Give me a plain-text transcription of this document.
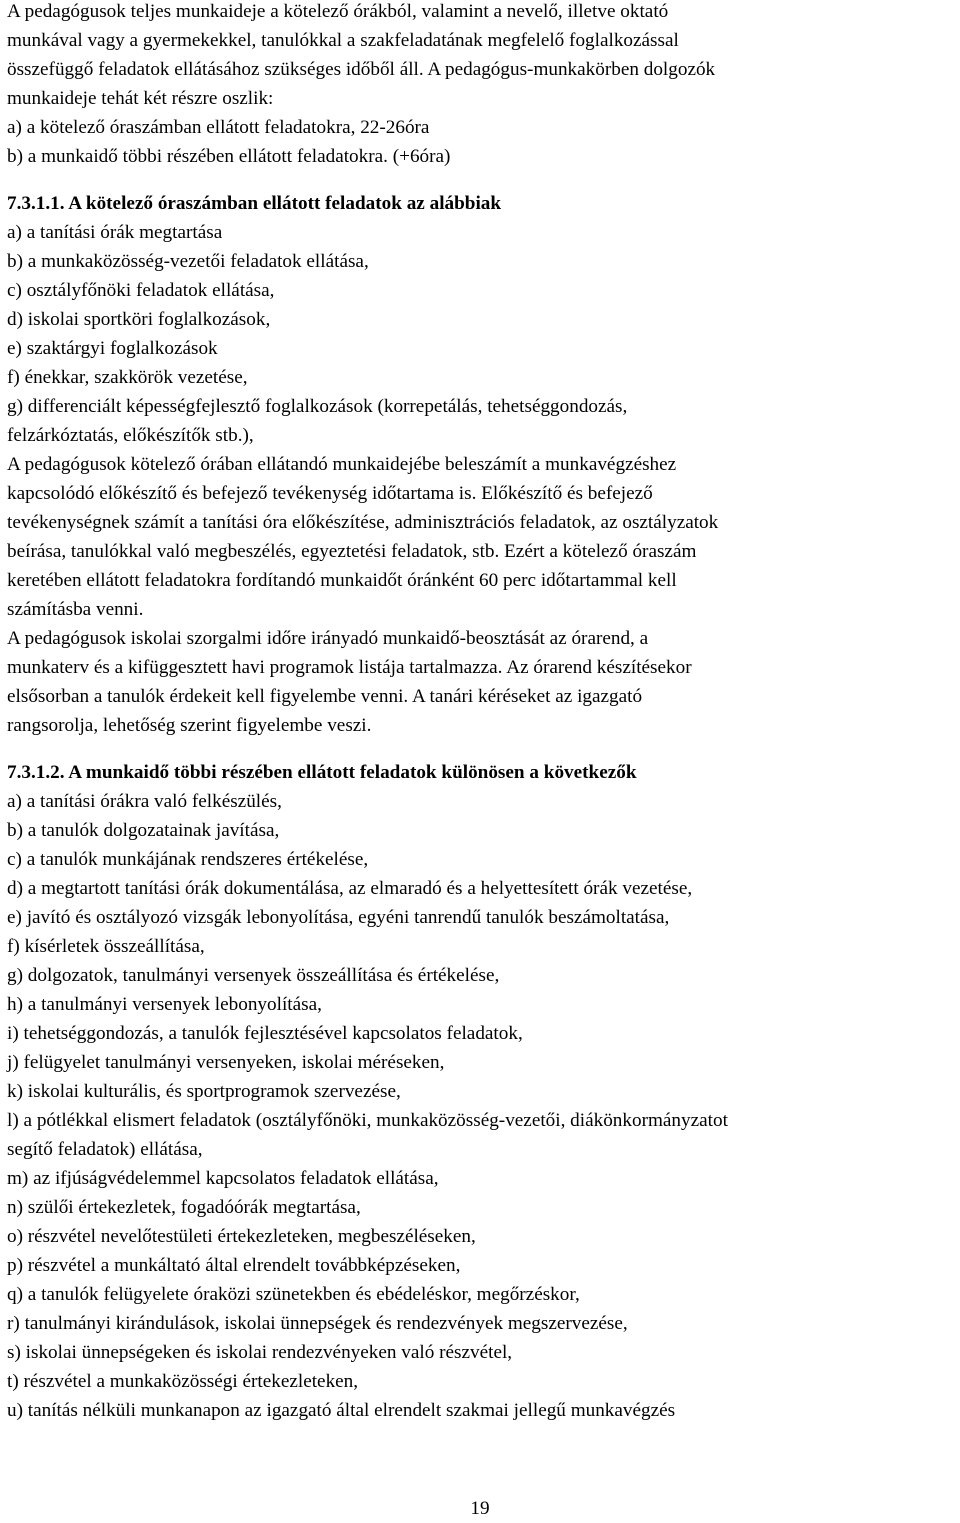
A pedagógusok teljes munkaideje a kötelező órákból, valamint a nevelő, illetve oktató
munkával vagy a gyermekekkel, tanulókkal a szakfeladatának megfelelő foglalkozással
összefüggő feladatok ellátásához szükséges időből áll. A pedagógus-munkakörben dolgozók
munkaideje tehát két részre oszlik:
a) a kötelező óraszámban ellátott feladatokra, 22-26óra
b) a munkaidő többi részében ellátott feladatokra. (+6óra)
7.3.1.1. A kötelező óraszámban ellátott feladatok az alábbiak
a) a tanítási órák megtartása
b) a munkaközösség-vezetői feladatok ellátása,
c) osztályfőnöki feladatok ellátása,
d) iskolai sportköri foglalkozások,
e) szaktárgyi foglalkozások
f) énekkar, szakkörök vezetése,
g) differenciált képességfejlesztő foglalkozások (korrepetálás, tehetséggondozás,
felzárkóztatás, előkészítők stb.),
A pedagógusok kötelező órában ellátandó munkaidejébe beleszámít a munkavégzéshez
kapcsolódó előkészítő és befejező tevékenység időtartama is. Előkészítő és befejező
tevékenységnek számít a tanítási óra előkészítése, adminisztrációs feladatok, az osztályzatok
beírása, tanulókkal való megbeszélés, egyeztetési feladatok, stb. Ezért a kötelező óraszám
keretében ellátott feladatokra fordítandó munkaidőt óránként 60 perc időtartammal kell
számításba venni.
A pedagógusok iskolai szorgalmi időre irányadó munkaidő-beosztását az órarend, a
munkaterv és a kifüggesztett havi programok listája tartalmazza. Az órarend készítésekor
elsősorban a tanulók érdekeit kell figyelembe venni. A tanári kéréseket az igazgató
rangsorolja, lehetőség szerint figyelembe veszi.
7.3.1.2. A munkaidő többi részében ellátott feladatok különösen a következők
a) a tanítási órákra való felkészülés,
b) a tanulók dolgozatainak javítása,
c) a tanulók munkájának rendszeres értékelése,
d) a megtartott tanítási órák dokumentálása, az elmaradó és a helyettesített órák vezetése,
e) javító és osztályozó vizsgák lebonyolítása, egyéni tanrendű tanulók beszámoltatása,
f) kísérletek összeállítása,
g) dolgozatok, tanulmányi versenyek összeállítása és értékelése,
h) a tanulmányi versenyek lebonyolítása,
i) tehetséggondozás, a tanulók fejlesztésével kapcsolatos feladatok,
j) felügyelet tanulmányi versenyeken, iskolai méréseken,
k) iskolai kulturális, és sportprogramok szervezése,
l) a pótlékkal elismert feladatok (osztályfőnöki, munkaközösség-vezetői, diákönkormányzatot
segítő feladatok) ellátása,
m) az ifjúságvédelemmel kapcsolatos feladatok ellátása,
n) szülői értekezletek, fogadóórák megtartása,
o) részvétel nevelőtestületi értekezleteken, megbeszéléseken,
p) részvétel a munkáltató által elrendelt továbbképzéseken,
q) a tanulók felügyelete óraközi szünetekben és ebédeléskor, megőrzéskor,
r) tanulmányi kirándulások, iskolai ünnepségek és rendezvények megszervezése,
s) iskolai ünnepségeken és iskolai rendezvényeken való részvétel,
t) részvétel a munkaközösségi értekezleteken,
u) tanítás nélküli munkanapon az igazgató által elrendelt szakmai jellegű munkavégzés
19
